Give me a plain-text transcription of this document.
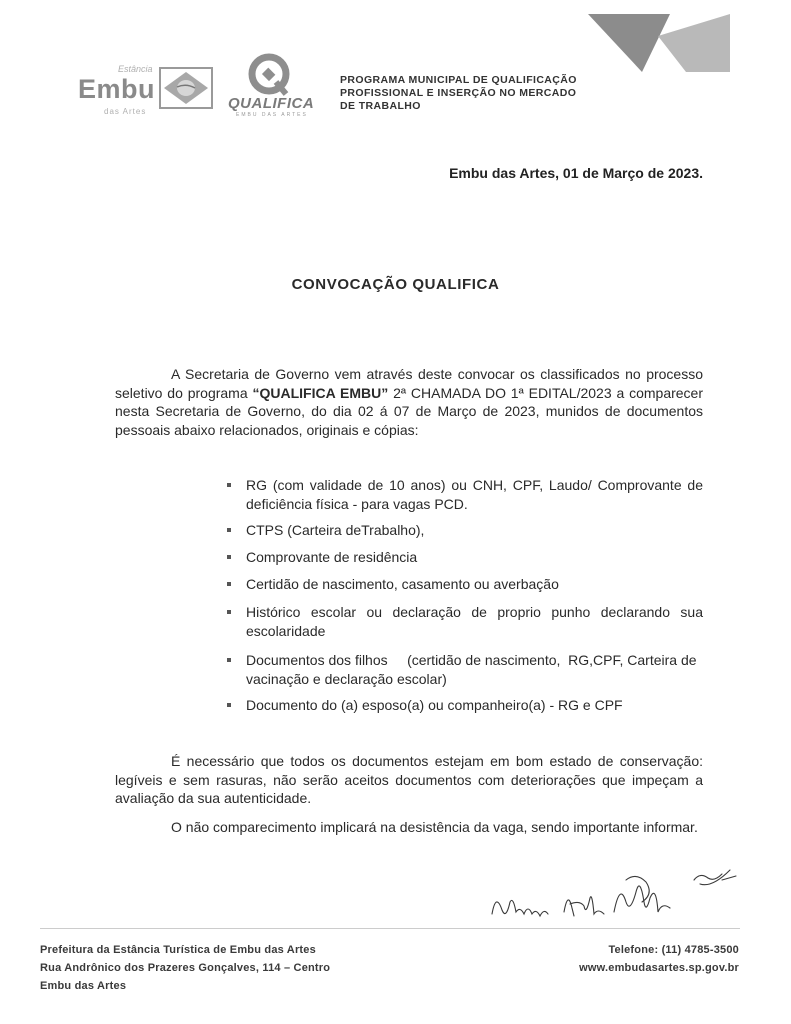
Estância
Embu
das Artes	QUALIFICA
EMBU DAS ARTES
PROGRAMA MUNICIPAL DE QUALIFICAÇÃO
PROFISSIONAL E INSERÇÃO NO MERCADO
DE TRABALHO
Embu das Artes, 01 de Março de 2023.
CONVOCAÇÃO QUALIFICA
A Secretaria de Governo vem através deste convocar os classificados no processo seletivo do programa “QUALIFICA EMBU” 2ª CHAMADA DO 1ª EDITAL/2023 a comparecer nesta Secretaria de Governo, do dia 02 á 07 de Março de 2023, munidos de documentos pessoais abaixo relacionados, originais e cópias:
RG (com validade de 10 anos) ou CNH, CPF, Laudo/ Comprovante de deficiência física - para vagas PCD.
CTPS (Carteira deTrabalho),
Comprovante de residência
Certidão de nascimento, casamento ou averbação
Histórico escolar ou declaração de proprio punho declarando sua escolaridade
Documentos dos filhos     (certidão de nascimento,  RG,CPF, Carteira de vacinação e declaração escolar)
Documento do (a) esposo(a) ou companheiro(a) - RG e CPF
É necessário que todos os documentos estejam em bom estado de conservação: legíveis e sem rasuras, não serão aceitos documentos com deteriorações que impeçam a avaliação da sua autenticidade.
O não comparecimento implicará na desistência da vaga, sendo importante informar.
Prefeitura da Estância Turística de Embu das Artes
Rua Andrônico dos Prazeres Gonçalves, 114 – Centro
Embu das Artes
Telefone: (11) 4785-3500
www.embudasartes.sp.gov.br
